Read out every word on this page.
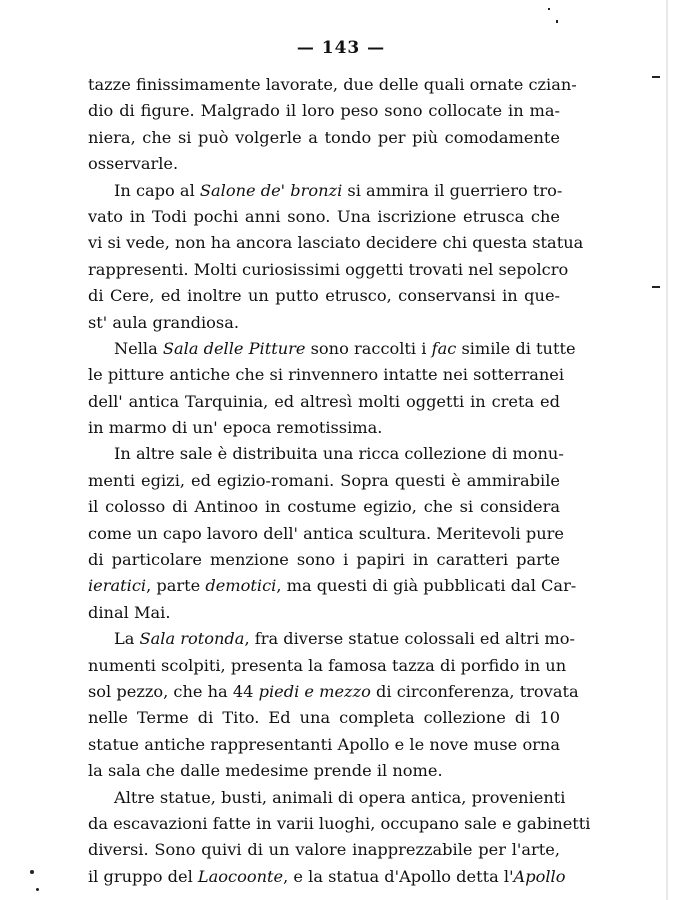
— 143 —
tazze finissimamente lavorate, due delle quali ornate czian-
dio di figure. Malgrado il loro peso sono collocate in ma-
niera, che si può volgerle a tondo per più comodamente
osservarle.
In capo al Salone de' bronzi si ammira il guerriero tro-
vato in Todi pochi anni sono. Una iscrizione etrusca che
vi si vede, non ha ancora lasciato decidere chi questa statua
rappresenti. Molti curiosissimi oggetti trovati nel sepolcro
di Cere, ed inoltre un putto etrusco, conservansi in que-
st' aula grandiosa.
Nella Sala delle Pitture sono raccolti i fac simile di tutte
le pitture antiche che si rinvennero intatte nei sotterranei
dell' antica Tarquinia, ed altresì molti oggetti in creta ed
in marmo di un' epoca remotissima.
In altre sale è distribuita una ricca collezione di monu-
menti egizi, ed egizio-romani. Sopra questi è ammirabile
il colosso di Antinoo in costume egizio, che si considera
come un capo lavoro dell' antica scultura. Meritevoli pure
di particolare menzione sono i papiri in caratteri parte
ieratici, parte demotici, ma questi di già pubblicati dal Car-
dinal Mai.
La Sala rotonda, fra diverse statue colossali ed altri mo-
numenti scolpiti, presenta la famosa tazza di porfido in un
sol pezzo, che ha 44 piedi e mezzo di circonferenza, trovata
nelle Terme di Tito. Ed una completa collezione di 10
statue antiche rappresentanti Apollo e le nove muse orna
la sala che dalle medesime prende il nome.
Altre statue, busti, animali di opera antica, provenienti
da escavazioni fatte in varii luoghi, occupano sale e gabinetti
diversi. Sono quivi di un valore inapprezzabile per l'arte,
il gruppo del Laocoonte, e la statua d'Apollo detta l'Apollo
